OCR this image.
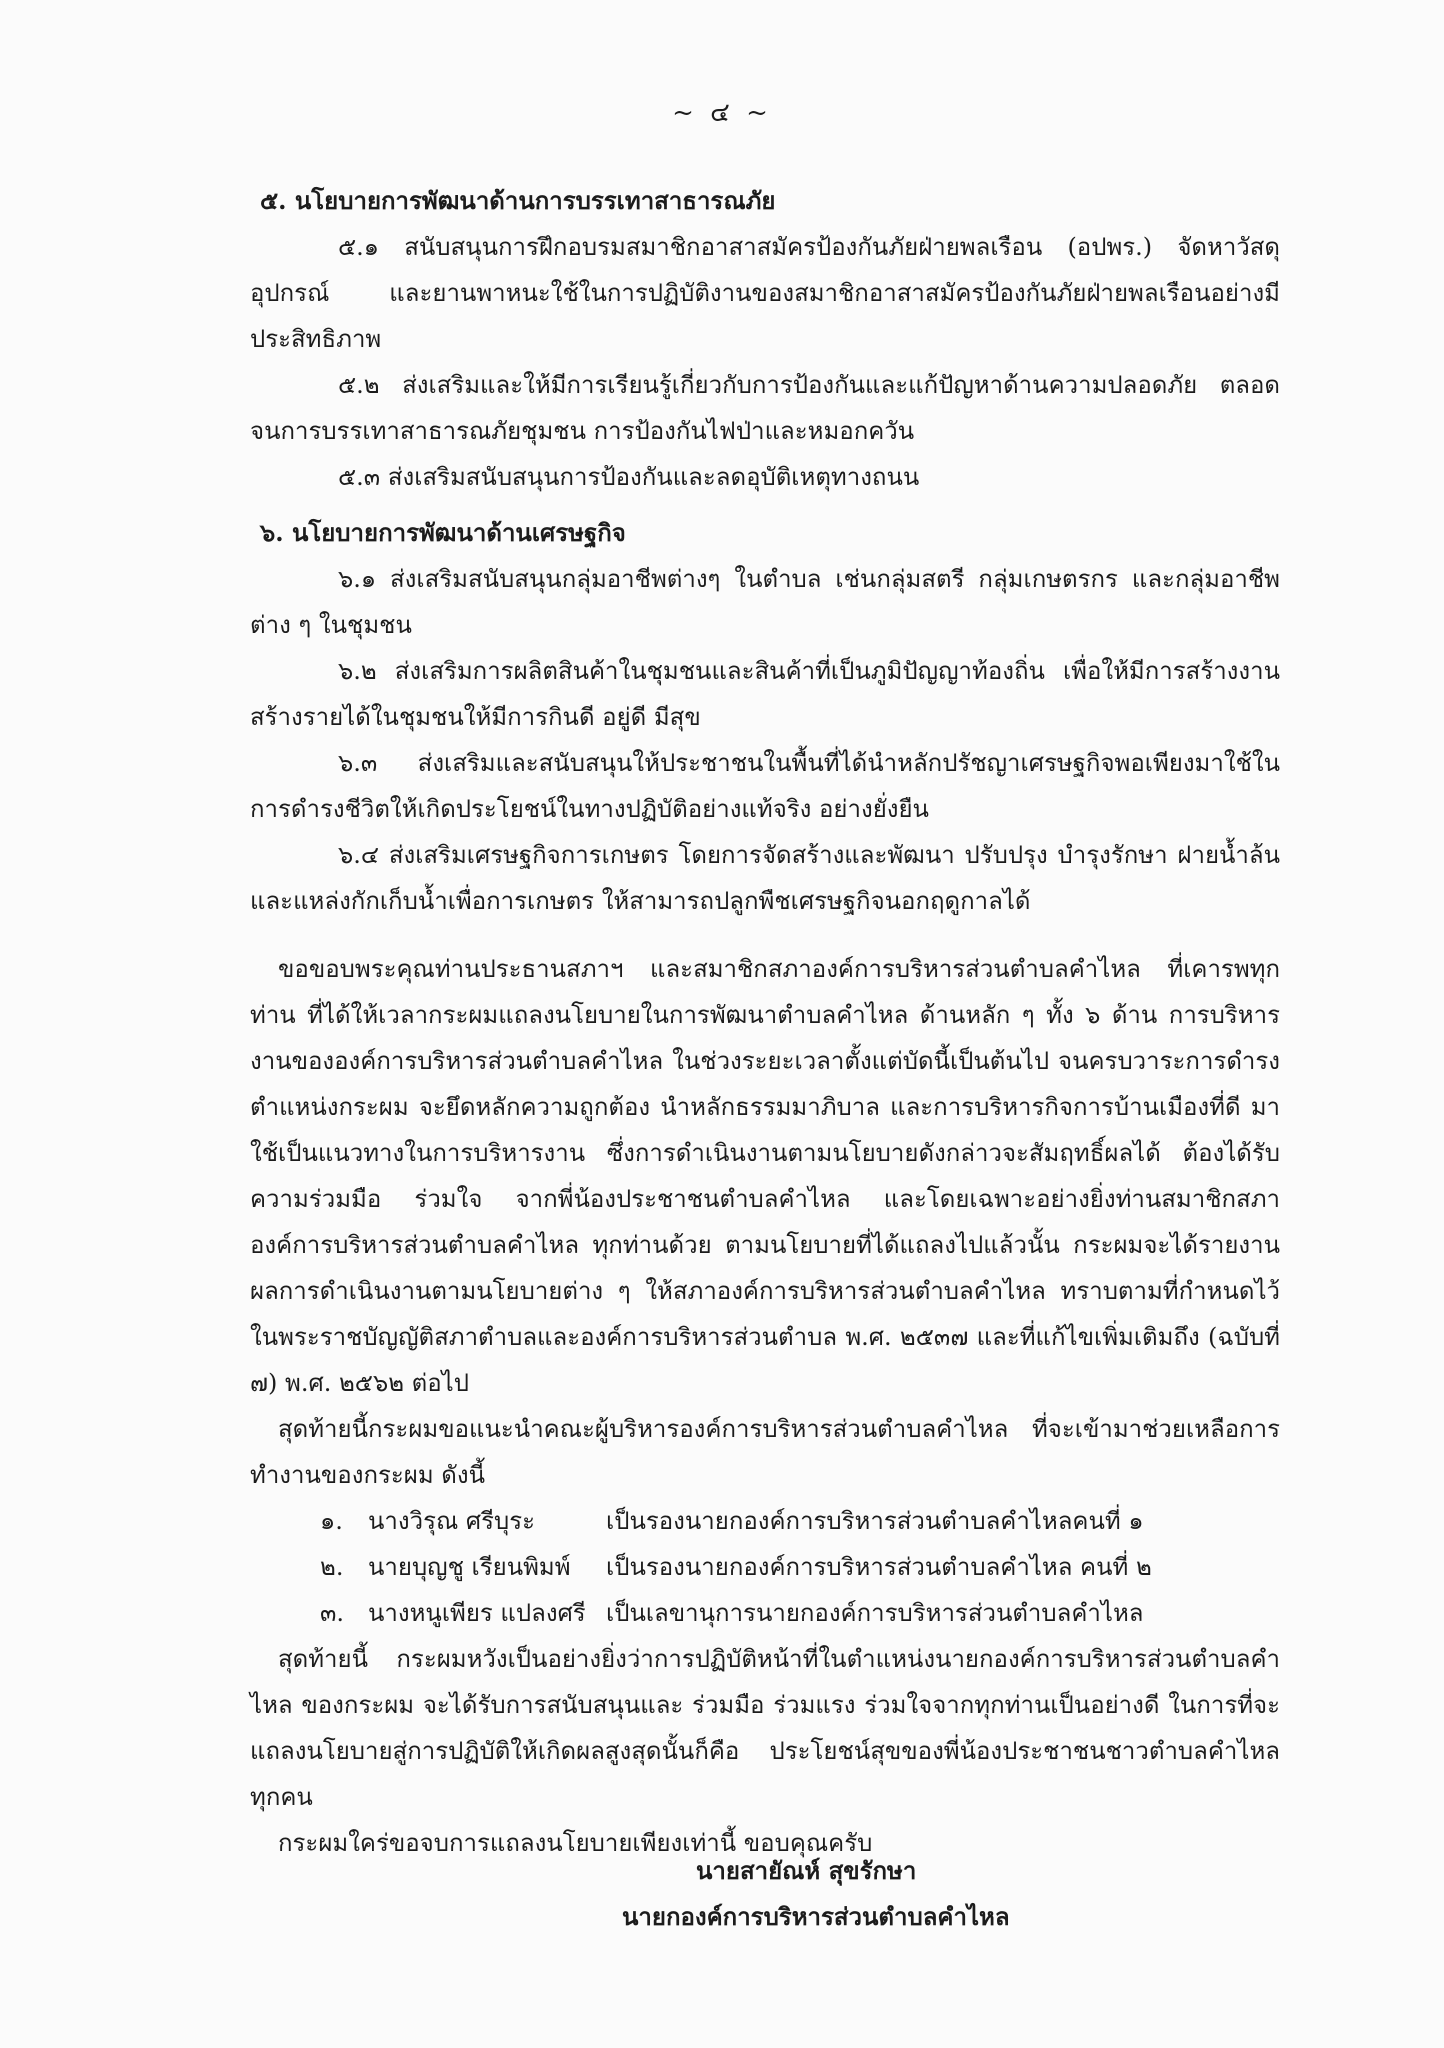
~ ๔ ~
๕. นโยบายการพัฒนาด้านการบรรเทาสาธารณภัย
๕.๑ สนับสนุนการฝึกอบรมสมาชิกอาสาสมัครป้องกันภัยฝ่ายพลเรือน (อปพร.) จัดหาวัสดุ อุปกรณ์ และยานพาหนะใช้ในการปฏิบัติงานของสมาชิกอาสาสมัครป้องกันภัยฝ่ายพลเรือนอย่างมีประสิทธิภาพ
๕.๒ ส่งเสริมและให้มีการเรียนรู้เกี่ยวกับการป้องกันและแก้ปัญหาด้านความปลอดภัย ตลอดจนการบรรเทาสาธารณภัยชุมชน การป้องกันไฟป่าและหมอกควัน
๕.๓ ส่งเสริมสนับสนุนการป้องกันและลดอุบัติเหตุทางถนน
๖. นโยบายการพัฒนาด้านเศรษฐกิจ
๖.๑ ส่งเสริมสนับสนุนกลุ่มอาชีพต่างๆ ในตำบล เช่นกลุ่มสตรี กลุ่มเกษตรกร และกลุ่มอาชีพต่าง ๆ ในชุมชน
๖.๒ ส่งเสริมการผลิตสินค้าในชุมชนและสินค้าที่เป็นภูมิปัญญาท้องถิ่น เพื่อให้มีการสร้างงาน สร้างรายได้ในชุมชนให้มีการกินดี อยู่ดี มีสุข
๖.๓ ส่งเสริมและสนับสนุนให้ประชาชนในพื้นที่ได้นำหลักปรัชญาเศรษฐกิจพอเพียงมาใช้ในการดำรงชีวิตให้เกิดประโยชน์ในทางปฏิบัติอย่างแท้จริง อย่างยั่งยืน
๖.๔ ส่งเสริมเศรษฐกิจการเกษตร โดยการจัดสร้างและพัฒนา ปรับปรุง บำรุงรักษา ฝายน้ำล้น และแหล่งกักเก็บน้ำเพื่อการเกษตร ให้สามารถปลูกพืชเศรษฐกิจนอกฤดูกาลได้
ขอขอบพระคุณท่านประธานสภาฯ และสมาชิกสภาองค์การบริหารส่วนตำบลคำไหล ที่เคารพทุกท่าน ที่ได้ให้เวลากระผมแถลงนโยบายในการพัฒนาตำบลคำไหล ด้านหลัก ๆ ทั้ง ๖ ด้าน การบริหารงานขององค์การบริหารส่วนตำบลคำไหล ในช่วงระยะเวลาตั้งแต่บัดนี้เป็นต้นไป จนครบวาระการดำรงตำแหน่งกระผม จะยึดหลักความถูกต้อง นำหลักธรรมมาภิบาล และการบริหารกิจการบ้านเมืองที่ดี มาใช้เป็นแนวทางในการบริหารงาน ซึ่งการดำเนินงานตามนโยบายดังกล่าวจะสัมฤทธิ์ผลได้ ต้องได้รับความร่วมมือ ร่วมใจ จากพี่น้องประชาชนตำบลคำไหล และโดยเฉพาะอย่างยิ่งท่านสมาชิกสภาองค์การบริหารส่วนตำบลคำไหล ทุกท่านด้วย ตามนโยบายที่ได้แถลงไปแล้วนั้น กระผมจะได้รายงานผลการดำเนินงานตามนโยบายต่าง ๆ ให้สภาองค์การบริหารส่วนตำบลคำไหล ทราบตามที่กำหนดไว้ในพระราชบัญญัติสภาตำบลและองค์การบริหารส่วนตำบล พ.ศ. ๒๕๓๗ และที่แก้ไขเพิ่มเติมถึง (ฉบับที่ ๗) พ.ศ. ๒๕๖๒ ต่อไป
สุดท้ายนี้กระผมขอแนะนำคณะผู้บริหารองค์การบริหารส่วนตำบลคำไหล ที่จะเข้ามาช่วยเหลือการทำงานของกระผม ดังนี้
๑.	นางวิรุณ ศรีบุระ	เป็นรองนายกองค์การบริหารส่วนตำบลคำไหลคนที่ ๑
๒.	นายบุญชู เรียนพิมพ์	เป็นรองนายกองค์การบริหารส่วนตำบลคำไหล คนที่ ๒
๓. นางหนูเพียร แปลงศรี เป็นเลขานุการนายกองค์การบริหารส่วนตำบลคำไหล
สุดท้ายนี้ กระผมหวังเป็นอย่างยิ่งว่าการปฏิบัติหน้าที่ในตำแหน่งนายกองค์การบริหารส่วนตำบลคำไหล ของกระผม จะได้รับการสนับสนุนและ ร่วมมือ ร่วมแรง ร่วมใจจากทุกท่านเป็นอย่างดี ในการที่จะแถลงนโยบายสู่การปฏิบัติให้เกิดผลสูงสุดนั้นก็คือ ประโยชน์สุขของพี่น้องประชาชนชาวตำบลคำไหลทุกคน
กระผมใคร่ขอจบการแถลงนโยบายเพียงเท่านี้ ขอบคุณครับ
นายสายัณห์ สุขรักษา
นายกองค์การบริหารส่วนตำบลคำไหล
